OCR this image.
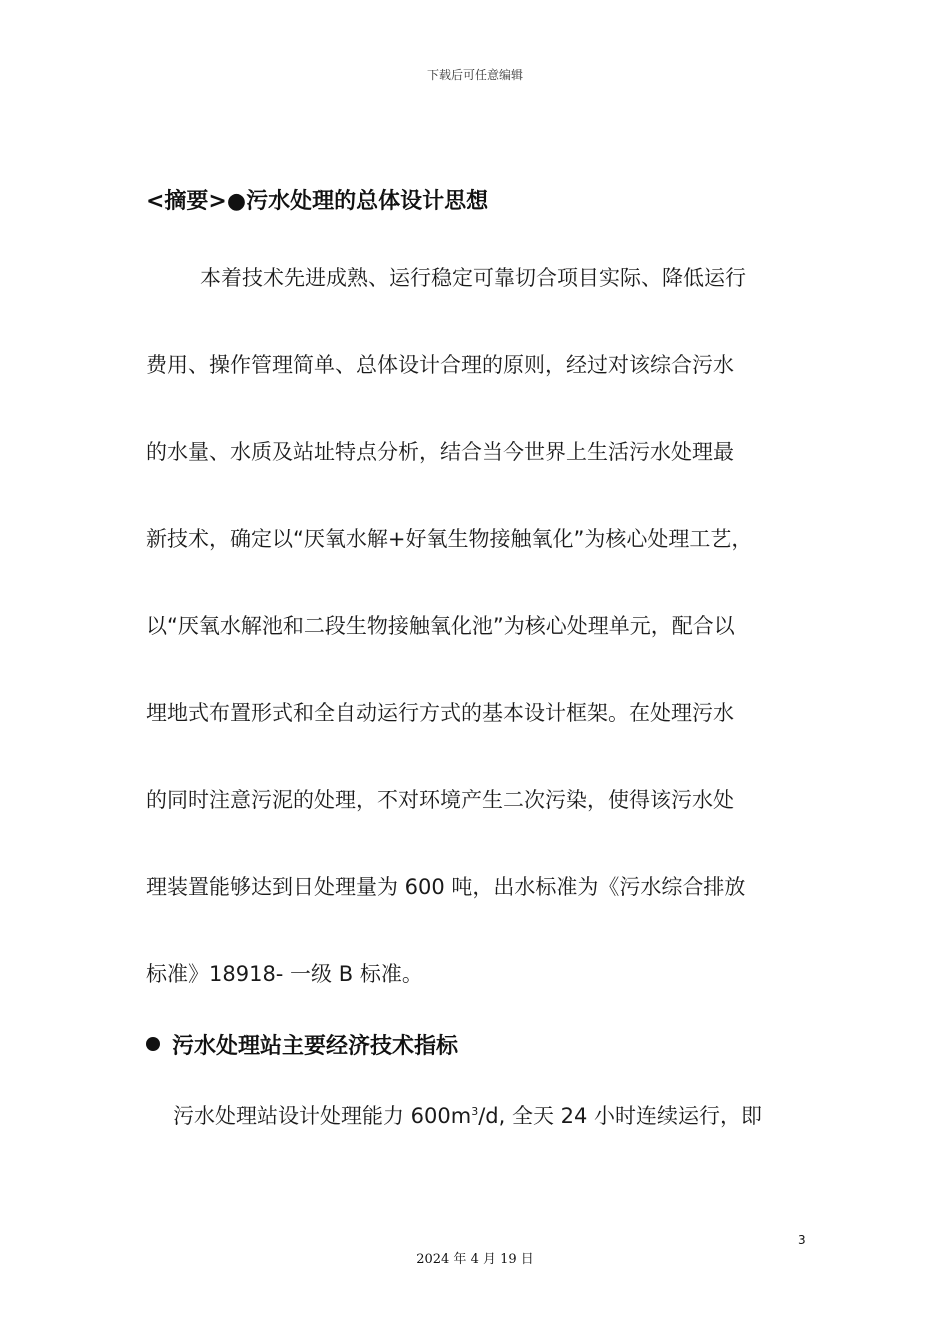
下载后可任意编辑
<摘要>●污水处理的总体设计思想
本着技术先进成熟、运行稳定可靠切合项目实际、降低运行
费用、操作管理简单、总体设计合理的原则，经过对该综合污水
的水量、水质及站址特点分析，结合当今世界上生活污水处理最
新技术，确定以“厌氧水解+好氧生物接触氧化”为核心处理工艺，
以“厌氧水解池和二段生物接触氧化池”为核心处理单元，配合以
埋地式布置形式和全自动运行方式的基本设计框架。在处理污水
的同时注意污泥的处理，不对环境产生二次污染，使得该污水处
理装置能够达到日处理量为 600 吨，出水标准为《污水综合排放
标准》18918- 一级 B 标准。
污水处理站主要经济技术指标
污水处理站设计处理能力 $600m^3/d$, 全天 24 小时连续运行，即
3
2024 年 4 月 19 日
